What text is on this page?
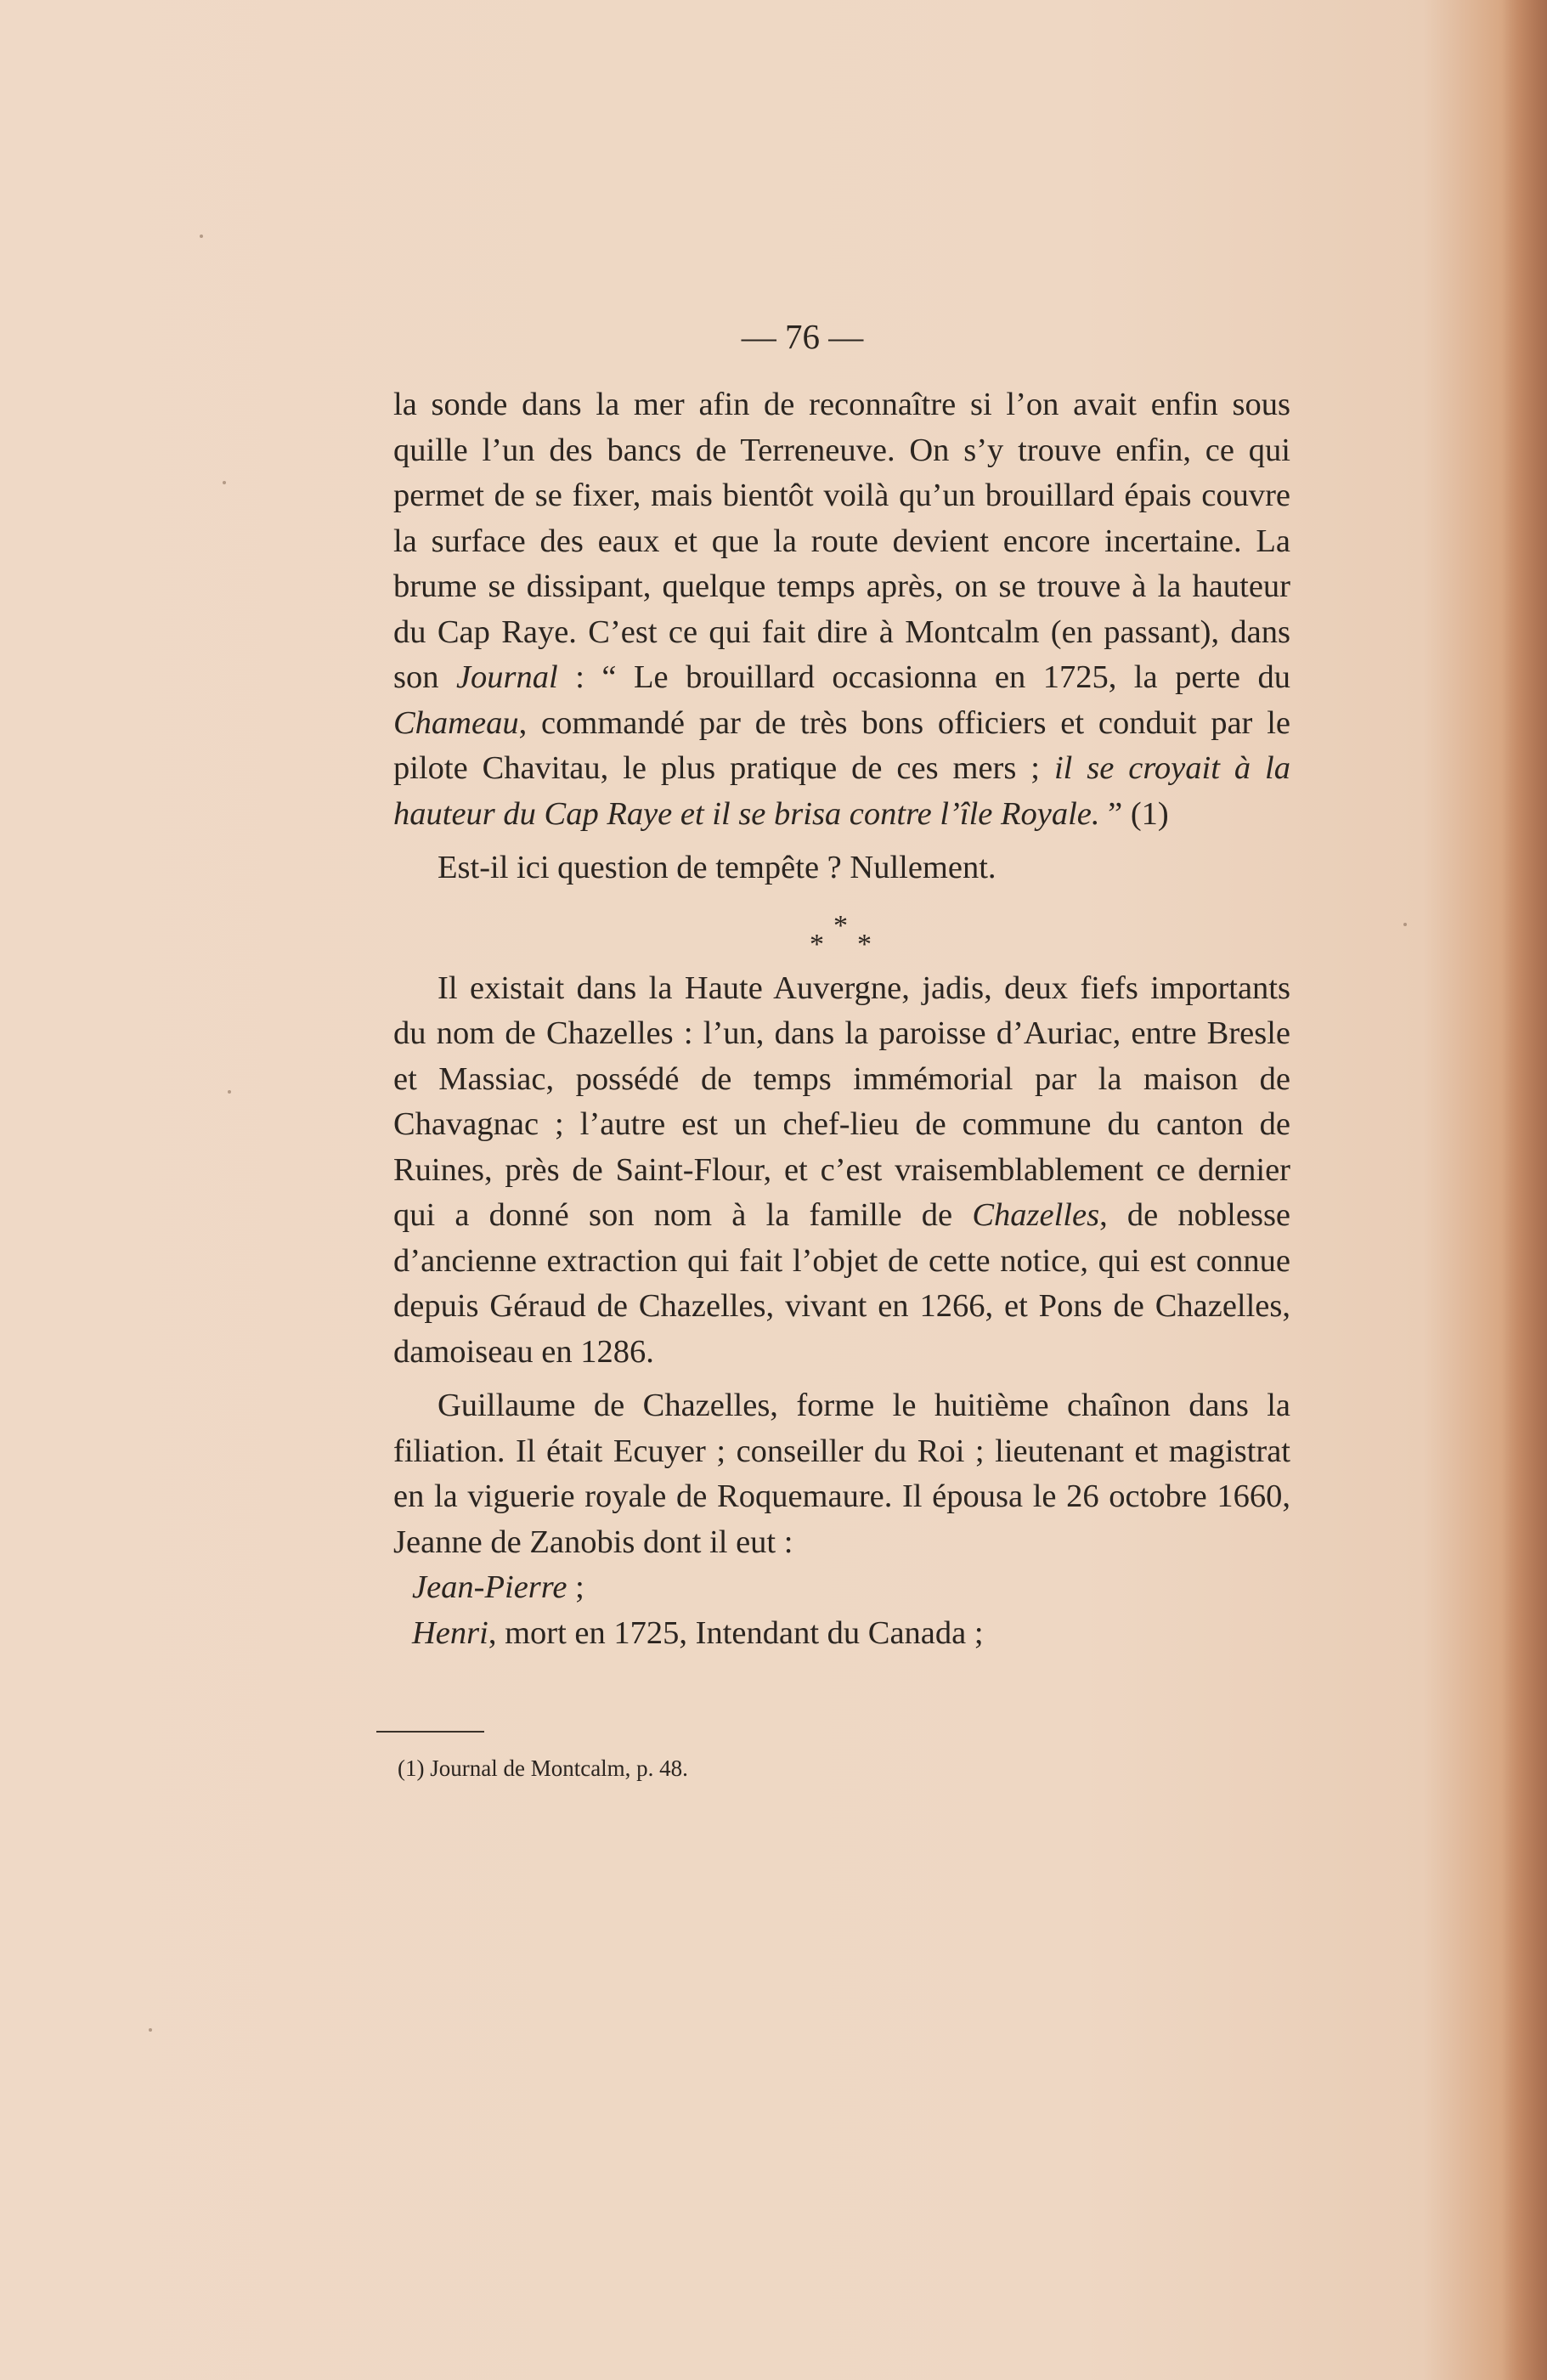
— 76 —

la sonde dans la mer afin de reconnaître si l’on avait enfin sous quille l’un des bancs de Terreneuve. On s’y trouve enfin, ce qui permet de se fixer, mais bientôt voilà qu’un brouillard épais couvre la surface des eaux et que la route devient encore incertaine. La brume se dissipant, quelque temps après, on se trouve à la hauteur du Cap Raye. C’est ce qui fait dire à Montcalm (en passant), dans son Journal : “ Le brouillard occasionna en 1725, la perte du Chameau, commandé par de très bons officiers et conduit par le pilote Chavitau, le plus pratique de ces mers ; il se croyait à la hauteur du Cap Raye et il se brisa contre l’île Royale. ” (1)

Est-il ici question de tempête ? Nullement.

*
* *

Il existait dans la Haute Auvergne, jadis, deux fiefs importants du nom de Chazelles : l’un, dans la paroisse d’Auriac, entre Bresle et Massiac, possédé de temps immémorial par la maison de Chavagnac ; l’autre est un chef-lieu de commune du canton de Ruines, près de Saint-Flour, et c’est vraisemblablement ce dernier qui a donné son nom à la famille de Chazelles, de noblesse d’ancienne extraction qui fait l’objet de cette notice, qui est connue depuis Géraud de Chazelles, vivant en 1266, et Pons de Chazelles, damoiseau en 1286.

Guillaume de Chazelles, forme le huitième chaînon dans la filiation. Il était Ecuyer ; conseiller du Roi ; lieutenant et magistrat en la viguerie royale de Roquemaure. Il épousa le 26 octobre 1660, Jeanne de Zanobis dont il eut :

Jean-Pierre ;

Henri, mort en 1725, Intendant du Canada ;

(1) Journal de Montcalm, p. 48.
